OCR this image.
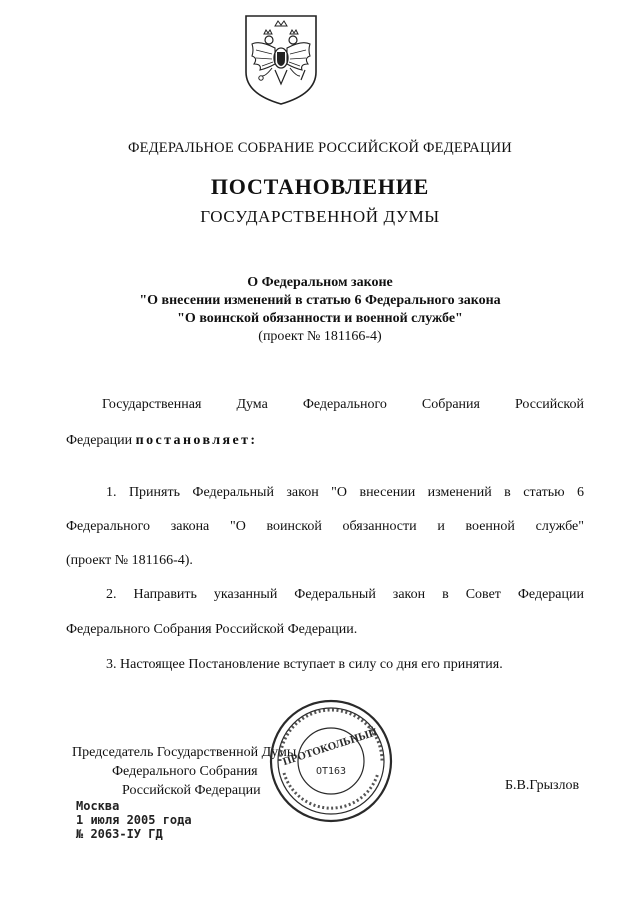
ФЕДЕРАЛЬНОЕ СОБРАНИЕ РОССИЙСКОЙ ФЕДЕРАЦИИ
ПОСТАНОВЛЕНИЕ
ГОСУДАРСТВЕННОЙ ДУМЫ
О Федеральном законе
"О внесении изменений в статью 6 Федерального закона
"О воинской обязанности и военной службе"
(проект № 181166-4)
Государственная Дума Федерального Собрания Российской
Федерации постановляет:
1. Принять Федеральный закон "О внесении изменений в статью 6
Федерального закона "О воинской обязанности и военной службе"
(проект № 181166-4).
2. Направить указанный Федеральный закон в Совет Федерации
Федерального Собрания Российской Федерации.
3. Настоящее Постановление вступает в силу со дня его принятия.
Председатель Государственной Думы
Федерального Собрания
Российской Федерации	Б.В.Грызлов
Москва
1 июля 2005 года
№ 2063-IУ ГД
ПРОТОКОЛЬНЫЙ
ОТ163
